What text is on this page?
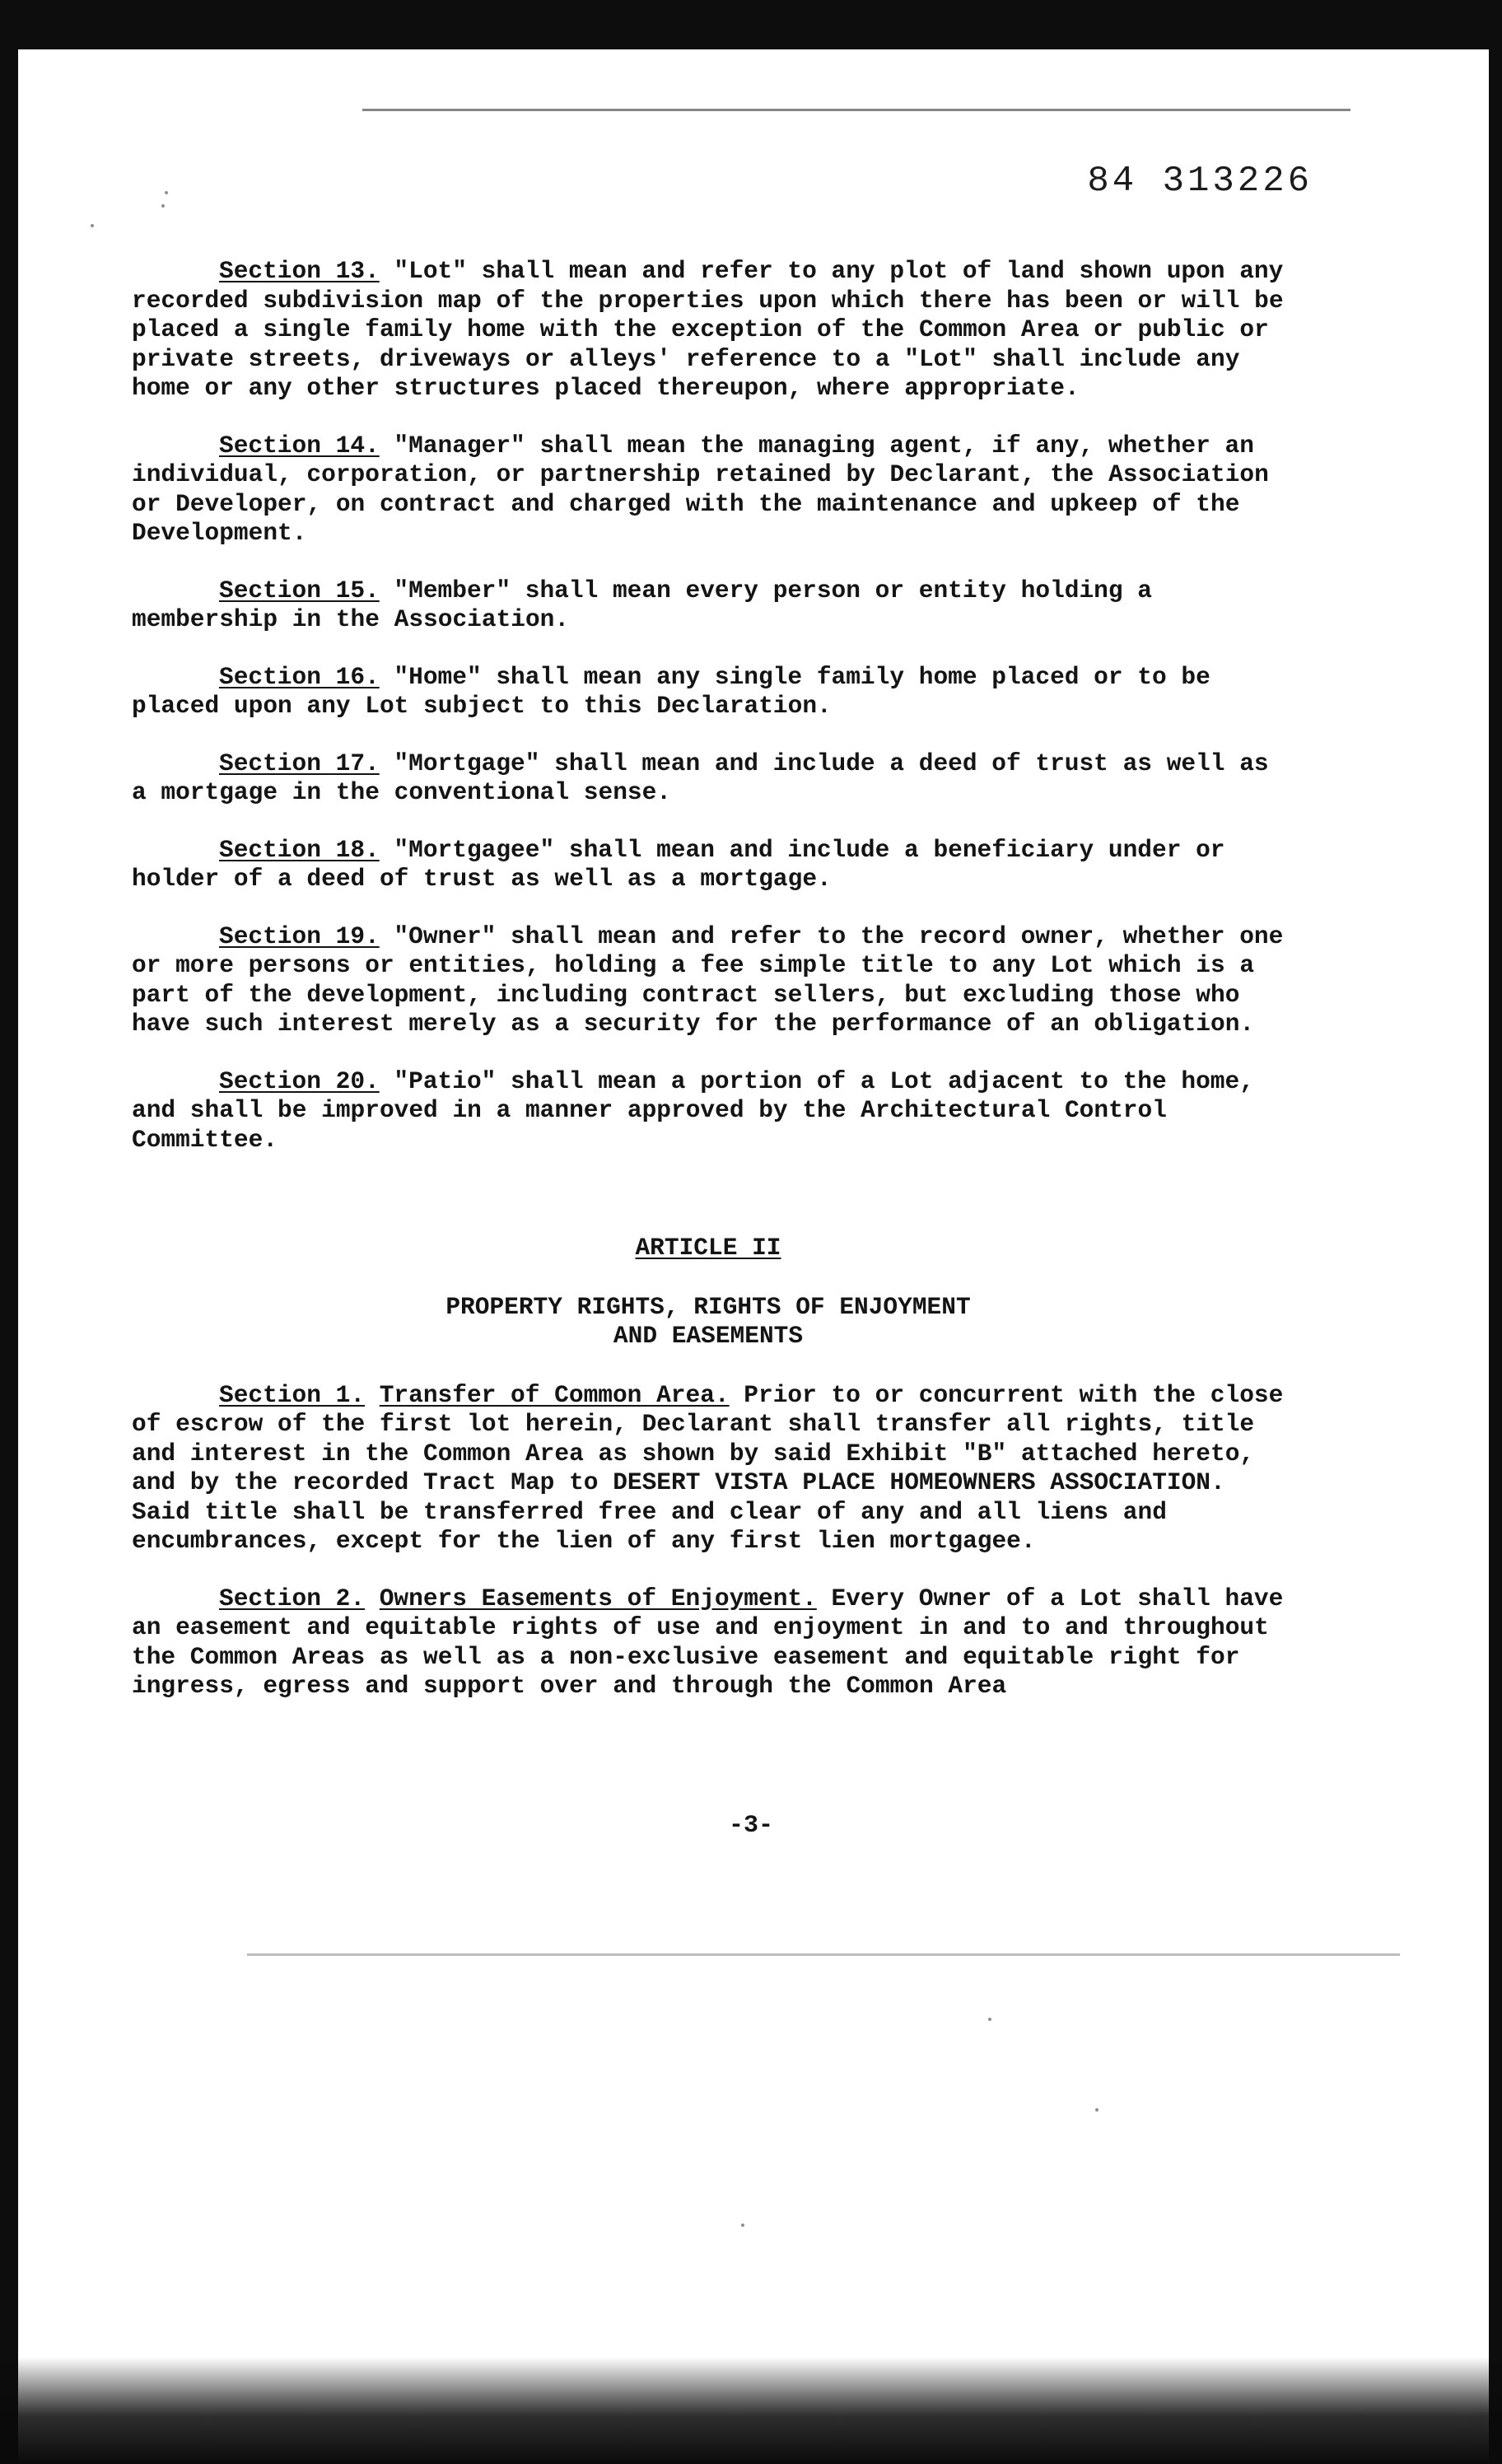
84 313226

Section 13. "Lot" shall mean and refer to any plot of land shown upon any recorded subdivision map of the properties upon which there has been or will be placed a single family home with the exception of the Common Area or public or private streets, driveways or alleys' reference to a "Lot" shall include any home or any other structures placed thereupon, where appropriate.

Section 14. "Manager" shall mean the managing agent, if any, whether an individual, corporation, or partnership retained by Declarant, the Association or Developer, on contract and charged with the maintenance and upkeep of the Development.

Section 15. "Member" shall mean every person or entity holding a membership in the Association.

Section 16. "Home" shall mean any single family home placed or to be placed upon any Lot subject to this Declaration.

Section 17. "Mortgage" shall mean and include a deed of trust as well as a mortgage in the conventional sense.

Section 18. "Mortgagee" shall mean and include a beneficiary under or holder of a deed of trust as well as a mortgage.

Section 19. "Owner" shall mean and refer to the record owner, whether one or more persons or entities, holding a fee simple title to any Lot which is a part of the development, including contract sellers, but excluding those who have such interest merely as a security for the performance of an obligation.

Section 20. "Patio" shall mean a portion of a Lot adjacent to the home, and shall be improved in a manner approved by the Architectural Control Committee.

ARTICLE II

PROPERTY RIGHTS, RIGHTS OF ENJOYMENT
AND EASEMENTS

Section 1. Transfer of Common Area. Prior to or concurrent with the close of escrow of the first lot herein, Declarant shall transfer all rights, title and interest in the Common Area as shown by said Exhibit "B" attached hereto, and by the recorded Tract Map to DESERT VISTA PLACE HOMEOWNERS ASSOCIATION. Said title shall be transferred free and clear of any and all liens and encumbrances, except for the lien of any first lien mortgagee.

Section 2. Owners Easements of Enjoyment. Every Owner of a Lot shall have an easement and equitable rights of use and enjoyment in and to and throughout the Common Areas as well as a non-exclusive easement and equitable right for ingress, egress and support over and through the Common Area

-3-
